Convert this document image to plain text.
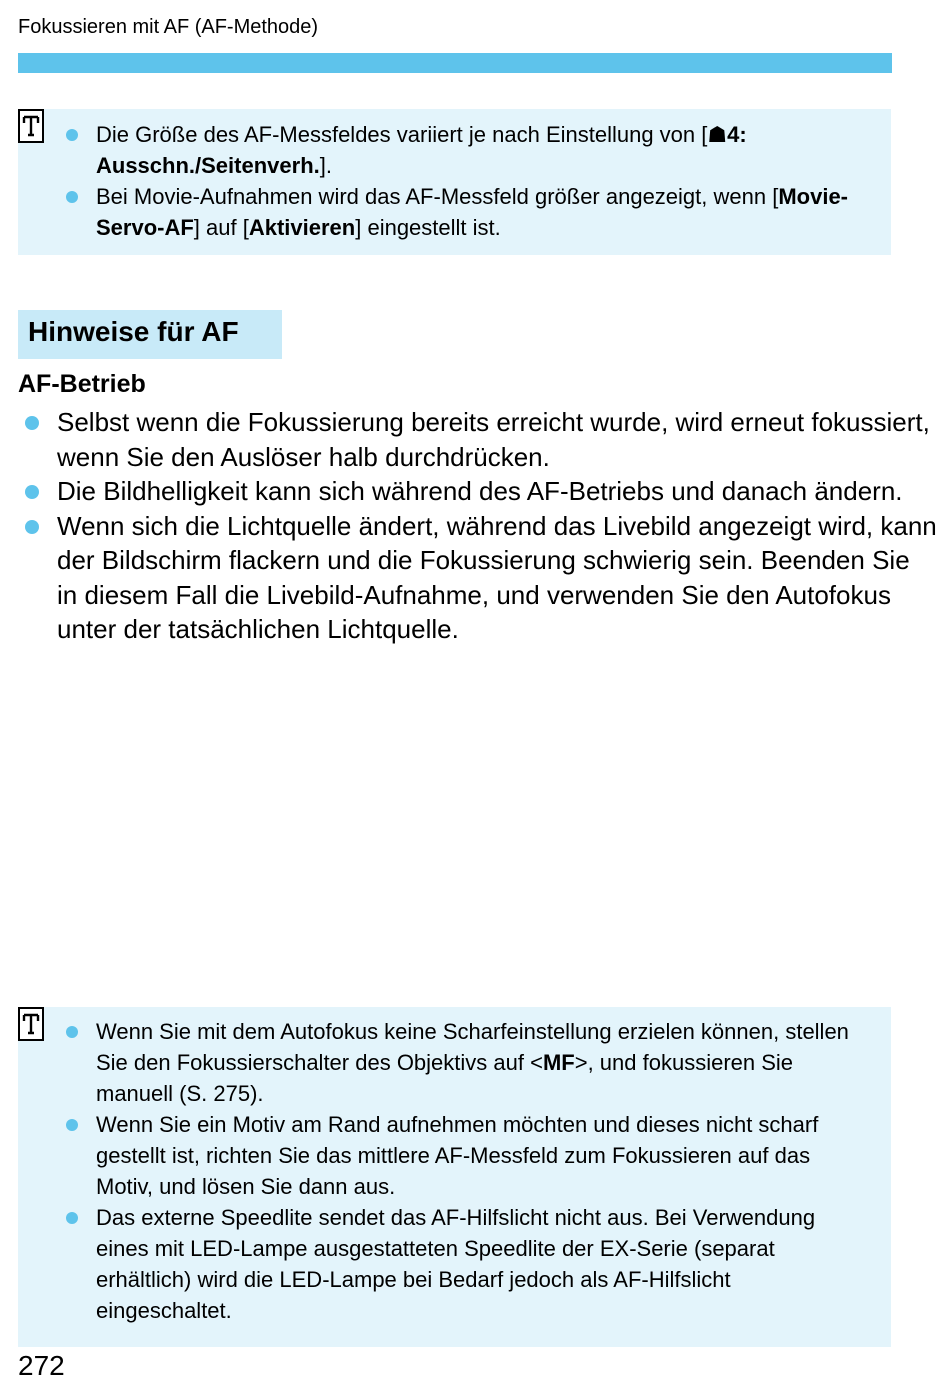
Fokussieren mit AF (AF-Methode)
Die Größe des AF-Messfeldes variiert je nach Einstellung von [☗4: Ausschn./Seitenverh.].
Bei Movie-Aufnahmen wird das AF-Messfeld größer angezeigt, wenn [Movie-Servo-AF] auf [Aktivieren] eingestellt ist.
Hinweise für AF
AF-Betrieb
Selbst wenn die Fokussierung bereits erreicht wurde, wird erneut fokussiert, wenn Sie den Auslöser halb durchdrücken.
Die Bildhelligkeit kann sich während des AF-Betriebs und danach ändern.
Wenn sich die Lichtquelle ändert, während das Livebild angezeigt wird, kann der Bildschirm flackern und die Fokussierung schwierig sein. Beenden Sie in diesem Fall die Livebild-Aufnahme, und verwenden Sie den Autofokus unter der tatsächlichen Lichtquelle.
Wenn Sie mit dem Autofokus keine Scharfeinstellung erzielen können, stellen Sie den Fokussierschalter des Objektivs auf <MF>, und fokussieren Sie manuell (S. 275).
Wenn Sie ein Motiv am Rand aufnehmen möchten und dieses nicht scharf gestellt ist, richten Sie das mittlere AF-Messfeld zum Fokussieren auf das Motiv, und lösen Sie dann aus.
Das externe Speedlite sendet das AF-Hilfslicht nicht aus. Bei Verwendung eines mit LED-Lampe ausgestatteten Speedlite der EX-Serie (separat erhältlich) wird die LED-Lampe bei Bedarf jedoch als AF-Hilfslicht eingeschaltet.
272
